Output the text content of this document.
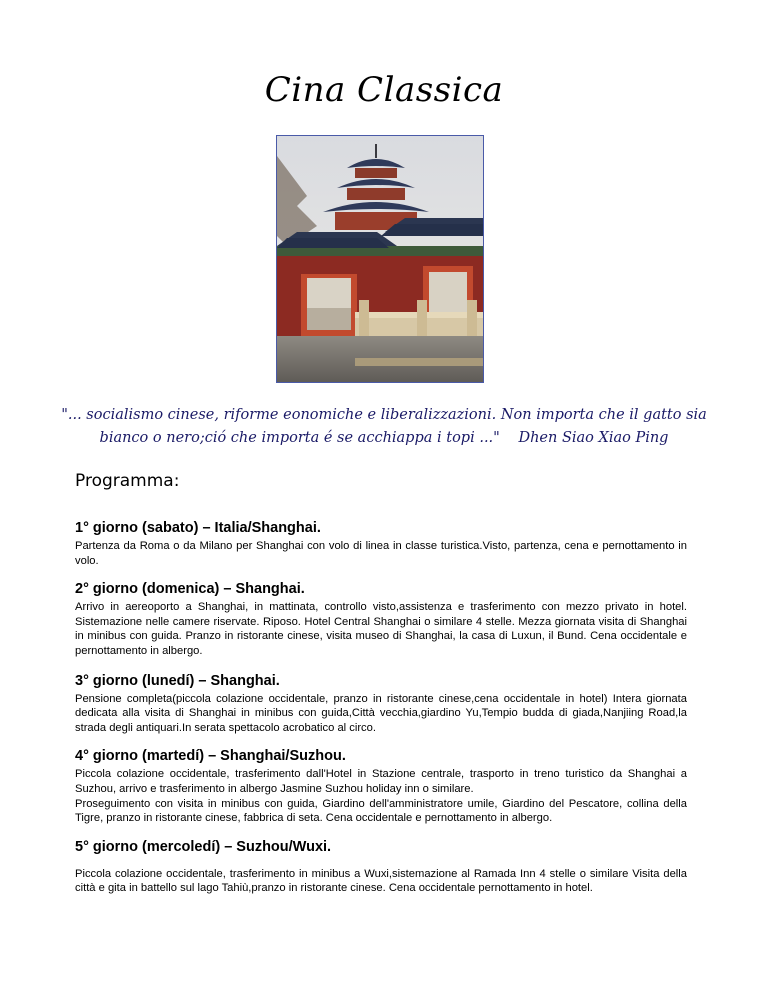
Cina Classica
"... socialismo cinese, riforme eonomiche e liberalizzazioni. Non importa che il gatto sia bianco o nero;ció che importa é se acchiappa i topi ..." Dhen Siao Xiao Ping
Programma:
1° giorno (sabato) – Italia/Shanghai.

Partenza da Roma o da Milano per Shanghai con volo di linea in classe turistica.Visto, partenza, cena e pernottamento in volo.

2° giorno (domenica) – Shanghai.

Arrivo in aereoporto a Shanghai, in mattinata, controllo visto,assistenza e trasferimento con mezzo privato in hotel. Sistemazione nelle camere riservate. Riposo. Hotel Central Shanghai o similare 4 stelle. Mezza giornata visita di Shanghai in minibus con guida. Pranzo in ristorante cinese, visita museo di Shanghai, la casa di Luxun, il Bund. Cena occidentale e pernottamento in albergo.

3° giorno (lunedí) – Shanghai.

Pensione completa(piccola colazione occidentale, pranzo in ristorante cinese,cena occidentale in hotel) Intera giornata dedicata alla visita di Shanghai in minibus con guida,Città vecchia,giardino Yu,Tempio budda di giada,Nanjiing Road,la strada degli antiquari.In serata spettacolo acrobatico al circo.

4° giorno (martedí) – Shanghai/Suzhou.

Piccola colazione occidentale, trasferimento dall'Hotel in Stazione centrale, trasporto in treno turistico da Shanghai a Suzhou, arrivo e trasferimento in albergo Jasmine Suzhou holiday inn o similare.

Proseguimento con visita in minibus con guida, Giardino dell'amministratore umile, Giardino del Pescatore, collina della Tigre, pranzo in ristorante cinese, fabbrica di seta. Cena occidentale e pernottamento in albergo.

5° giorno (mercoledí) – Suzhou/Wuxi.

Piccola colazione occidentale, trasferimento in minibus a Wuxi,sistemazione al Ramada Inn 4 stelle o similare Visita della città e gita in battello sul lago Tahiù,pranzo in ristorante cinese. Cena occidentale pernottamento in hotel.
